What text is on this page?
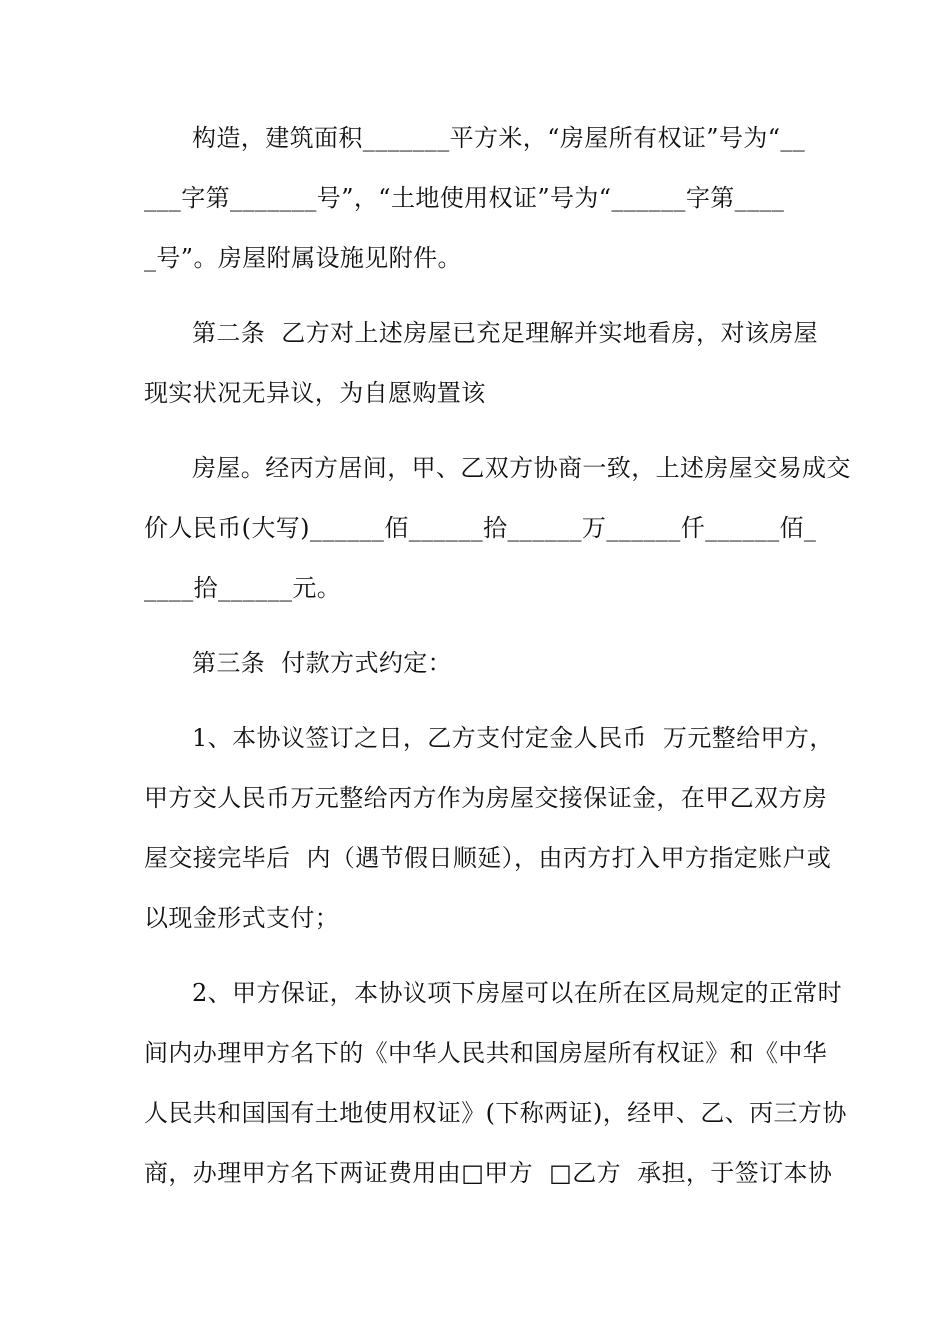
构造，建筑面积_______平方米，“房屋所有权证”号为“__
___字第_______号”，“土地使用权证”号为“______字第____
_号”。房屋附属设施见附件。
第二条  乙方对上述房屋已充足理解并实地看房，对该房屋
现实状况无异议，为自愿购置该
房屋。经丙方居间，甲、乙双方协商一致，上述房屋交易成交
价人民币(大写)______佰______拾______万______仟______佰_
____拾______元。
第三条  付款方式约定：
1、本协议签订之日，乙方支付定金人民币  万元整给甲方，
甲方交人民币万元整给丙方作为房屋交接保证金，在甲乙双方房
屋交接完毕后  内（遇节假日顺延），由丙方打入甲方指定账户或
以现金形式支付；
2、甲方保证，本协议项下房屋可以在所在区局规定的正常时
间内办理甲方名下的《中华人民共和国房屋所有权证》和《中华
人民共和国国有土地使用权证》(下称两证)，经甲、乙、丙三方协
商，办理甲方名下两证费用由□甲方  □乙方  承担，于签订本协
